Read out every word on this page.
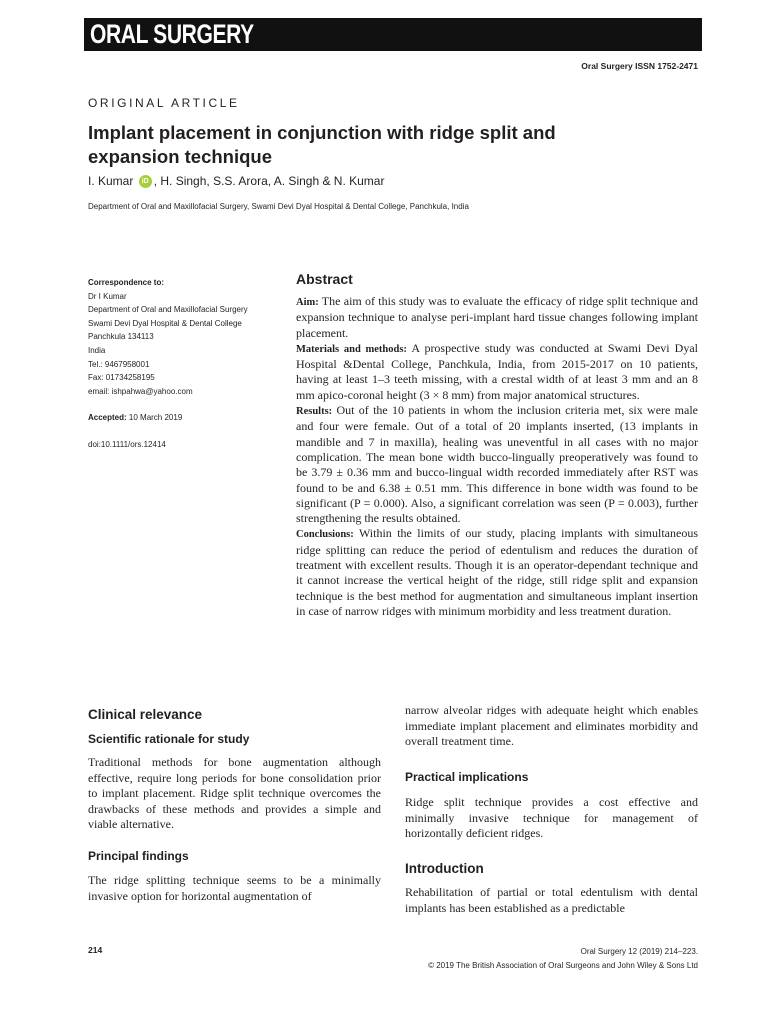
ORAL SURGERY
Oral Surgery ISSN 1752-2471
ORIGINAL ARTICLE
Implant placement in conjunction with ridge split and
expansion technique
I. Kumar iD , H. Singh, S.S. Arora, A. Singh & N. Kumar
Department of Oral and Maxillofacial Surgery, Swami Devi Dyal Hospital & Dental College, Panchkula, India
Correspondence to:
Dr I Kumar
Department of Oral and Maxillofacial Surgery
Swami Devi Dyal Hospital & Dental College
Panchkula 134113
India
Tel.: 9467958001
Fax: 01734258195
email: ishpahwa@yahoo.com
Accepted: 10 March 2019
doi:10.1111/ors.12414
Abstract

Aim: The aim of this study was to evaluate the efficacy of ridge split technique and expansion technique to analyse peri-implant hard tissue changes following implant placement.

Materials and methods: A prospective study was conducted at Swami Devi Dyal Hospital &Dental College, Panchkula, India, from 2015-2017 on 10 patients, having at least 1–3 teeth missing, with a crestal width of at least 3 mm and an 8 mm apico-coronal height (3 × 8 mm) from major anatomical structures.

Results: Out of the 10 patients in whom the inclusion criteria met, six were male and four were female. Out of a total of 20 implants inserted, (13 implants in mandible and 7 in maxilla), healing was uneventful in all cases with no major complication. The mean bone width bucco-lingually preoperatively was found to be 3.79 ± 0.36 mm and bucco-lingual width recorded immediately after RST was found to be and 6.38 ± 0.51 mm. This difference in bone width was found to be significant (P = 0.000). Also, a significant correlation was seen (P = 0.003), further strengthening the results obtained.

Conclusions: Within the limits of our study, placing implants with simultaneous ridge splitting can reduce the period of edentulism and reduces the duration of treatment with excellent results. Though it is an operator-dependant technique and it cannot increase the vertical height of the ridge, still ridge split and expansion technique is the best method for augmentation and simultaneous implant insertion in case of narrow ridges with minimum morbidity and less treatment duration.

Clinical relevance
Scientific rationale for study

Traditional methods for bone augmentation although effective, require long periods for bone consolidation prior to implant placement. Ridge split technique overcomes the drawbacks of these methods and provides a simple and viable alternative.

Principal findings

The ridge splitting technique seems to be a minimally invasive option for horizontal augmentation of

narrow alveolar ridges with adequate height which enables immediate implant placement and eliminates morbidity and overall treatment time.

Practical implications

Ridge split technique provides a cost effective and minimally invasive technique for management of horizontally deficient ridges.

Introduction

Rehabilitation of partial or total edentulism with dental implants has been established as a predictable

214	Oral Surgery 12 (2019) 214–223.
© 2019 The British Association of Oral Surgeons and John Wiley & Sons Ltd
